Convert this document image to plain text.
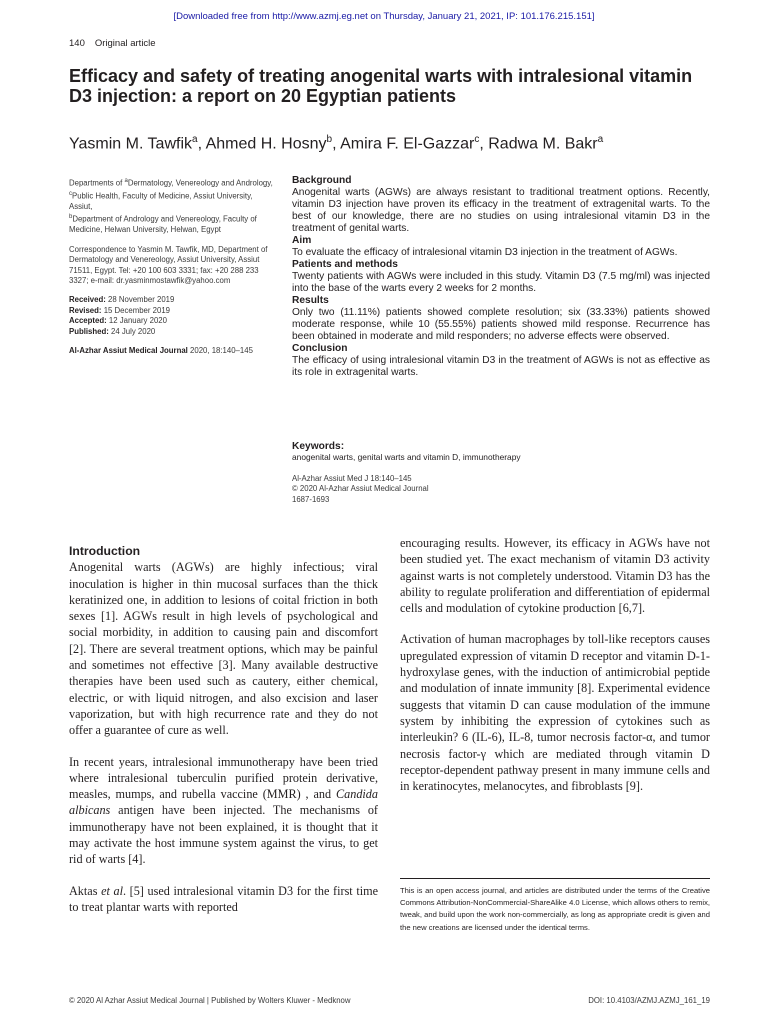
[Downloaded free from http://www.azmj.eg.net on Thursday, January 21, 2021, IP: 101.176.215.151]
140 Original article
Efficacy and safety of treating anogenital warts with intralesional vitamin D3 injection: a report on 20 Egyptian patients
Yasmin M. Tawfik$^a$, Ahmed H. Hosny$^b$, Amira F. El-Gazzar$^c$, Radwa M. Bakr$^a$

Departments of $^a$Dermatology, Venereology and Andrology, $^c$Public Health, Faculty of Medicine, Assiut University, Assiut,
$^b$Department of Andrology and Venereology, Faculty of Medicine, Helwan University, Helwan, Egypt

Correspondence to Yasmin M. Tawfik, MD, Department of Dermatology and Venereology, Assiut University, Assiut 71511, Egypt. Tel: +20 100 603 3331; fax: +20 288 233 3327; e-mail: dr.yasminmostawfik@yahoo.com

Received: 28 November 2019

Revised: 15 December 2019

Accepted: 12 January 2020

Published: 24 July 2020

Al-Azhar Assiut Medical Journal 2020, 18:140–145

Background

Anogenital warts (AGWs) are always resistant to traditional treatment options. Recently, vitamin D3 injection have proven its efficacy in the treatment of extragenital warts. To the best of our knowledge, there are no studies on using intralesional vitamin D3 in the treatment of genital warts.

Aim

To evaluate the efficacy of intralesional vitamin D3 injection in the treatment of AGWs.

Patients and methods

Twenty patients with AGWs were included in this study. Vitamin D3 (7.5 mg/ml) was injected into the base of the warts every 2 weeks for 2 months.

Results

Only two (11.11%) patients showed complete resolution; six (33.33%) patients showed moderate response, while 10 (55.55%) patients showed mild response. Recurrence has been obtained in moderate and mild responders; no adverse effects were observed.

Conclusion

The efficacy of using intralesional vitamin D3 in the treatment of AGWs is not as effective as its role in extragenital warts.

Keywords:
anogenital warts, genital warts and vitamin D, immunotherapy
Al-Azhar Assiut Med J 18:140–145
© 2020 Al-Azhar Assiut Medical Journal
1687-1693
Introduction

Anogenital warts (AGWs) are highly infectious; viral inoculation is higher in thin mucosal surfaces than the thick keratinized one, in addition to lesions of coital friction in both sexes [1]. AGWs result in high levels of psychological and social morbidity, in addition to causing pain and discomfort [2]. There are several treatment options, which may be painful and sometimes not effective [3]. Many available destructive therapies have been used such as cautery, either chemical, electric, or with liquid nitrogen, and also excision and laser vaporization, but with high recurrence rate and they do not offer a guarantee of cure as well.

In recent years, intralesional immunotherapy have been tried where intralesional tuberculin purified protein derivative, measles, mumps, and rubella vaccine (MMR) , and Candida albicans antigen have been injected. The mechanisms of immunotherapy have not been explained, it is thought that it may activate the host immune system against the virus, to get rid of warts [4].

Aktas et al. [5] used intralesional vitamin D3 for the first time to treat plantar warts with reported

encouraging results. However, its efficacy in AGWs have not been studied yet. The exact mechanism of vitamin D3 activity against warts is not completely understood. Vitamin D3 has the ability to regulate proliferation and differentiation of epidermal cells and modulation of cytokine production [6,7].

Activation of human macrophages by toll-like receptors causes upregulated expression of vitamin D receptor and vitamin D-1-hydroxylase genes, with the induction of antimicrobial peptide and modulation of innate immunity [8]. Experimental evidence suggests that vitamin D can cause modulation of the immune system by inhibiting the expression of cytokines such as interleukin? 6 (IL-6), IL-8, tumor necrosis factor-α, and tumor necrosis factor-γ which are mediated through vitamin D receptor-dependent pathway present in many immune cells and in keratinocytes, melanocytes, and fibroblasts [9].

This is an open access journal, and articles are distributed under the terms of the Creative Commons Attribution-NonCommercial-ShareAlike 4.0 License, which allows others to remix, tweak, and build upon the work non-commercially, as long as appropriate credit is given and the new creations are licensed under the identical terms.
© 2020 Al Azhar Assiut Medical Journal | Published by Wolters Kluwer - Medknow	DOI: 10.4103/AZMJ.AZMJ_161_19
